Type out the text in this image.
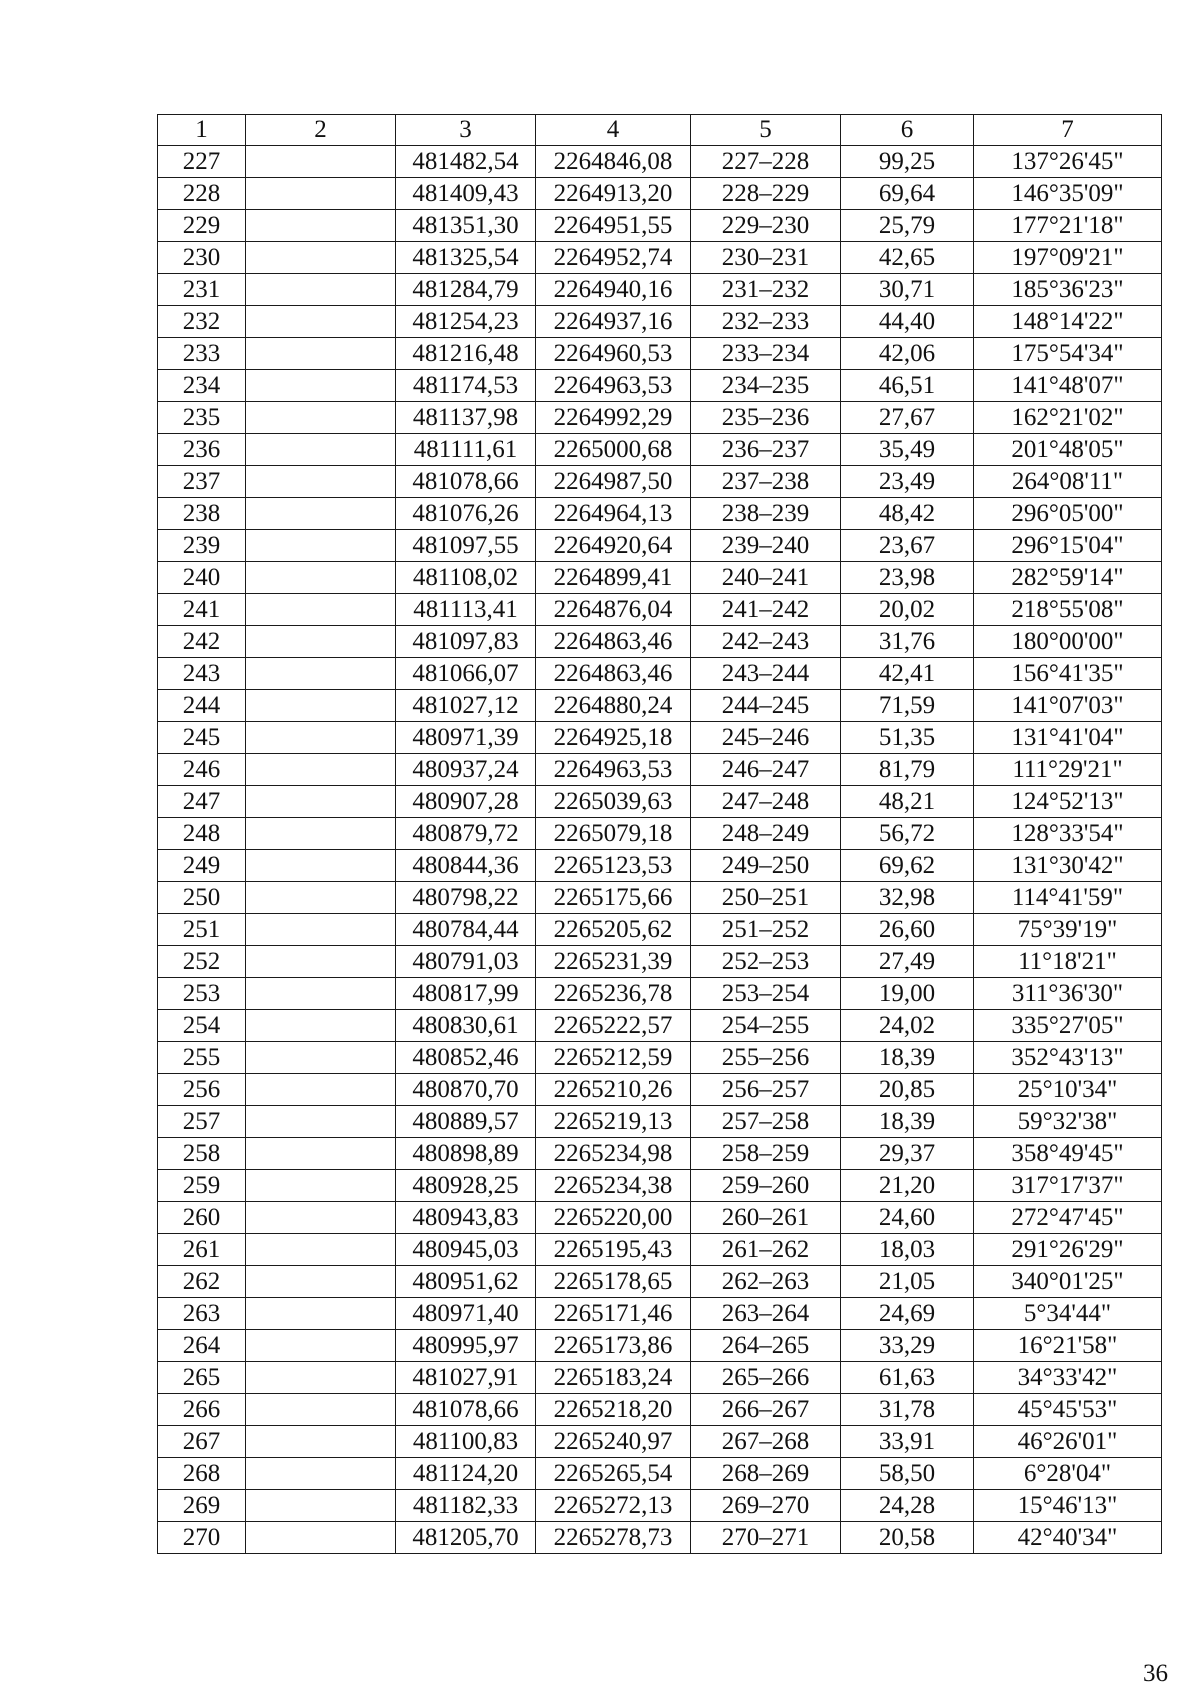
1	2	3	4	5	6	7
227		481482,54	2264846,08	227–228	99,25	137°26'45"
228		481409,43	2264913,20	228–229	69,64	146°35'09"
229		481351,30	2264951,55	229–230	25,79	177°21'18"
230		481325,54	2264952,74	230–231	42,65	197°09'21"
231		481284,79	2264940,16	231–232	30,71	185°36'23"
232		481254,23	2264937,16	232–233	44,40	148°14'22"
233		481216,48	2264960,53	233–234	42,06	175°54'34"
234		481174,53	2264963,53	234–235	46,51	141°48'07"
235		481137,98	2264992,29	235–236	27,67	162°21'02"
236		481111,61	2265000,68	236–237	35,49	201°48'05"
237		481078,66	2264987,50	237–238	23,49	264°08'11"
238		481076,26	2264964,13	238–239	48,42	296°05'00"
239		481097,55	2264920,64	239–240	23,67	296°15'04"
240		481108,02	2264899,41	240–241	23,98	282°59'14"
241		481113,41	2264876,04	241–242	20,02	218°55'08"
242		481097,83	2264863,46	242–243	31,76	180°00'00"
243		481066,07	2264863,46	243–244	42,41	156°41'35"
244		481027,12	2264880,24	244–245	71,59	141°07'03"
245		480971,39	2264925,18	245–246	51,35	131°41'04"
246		480937,24	2264963,53	246–247	81,79	111°29'21"
247		480907,28	2265039,63	247–248	48,21	124°52'13"
248		480879,72	2265079,18	248–249	56,72	128°33'54"
249		480844,36	2265123,53	249–250	69,62	131°30'42"
250		480798,22	2265175,66	250–251	32,98	114°41'59"
251		480784,44	2265205,62	251–252	26,60	75°39'19"
252		480791,03	2265231,39	252–253	27,49	11°18'21"
253		480817,99	2265236,78	253–254	19,00	311°36'30"
254		480830,61	2265222,57	254–255	24,02	335°27'05"
255		480852,46	2265212,59	255–256	18,39	352°43'13"
256		480870,70	2265210,26	256–257	20,85	25°10'34"
257		480889,57	2265219,13	257–258	18,39	59°32'38"
258		480898,89	2265234,98	258–259	29,37	358°49'45"
259		480928,25	2265234,38	259–260	21,20	317°17'37"
260		480943,83	2265220,00	260–261	24,60	272°47'45"
261		480945,03	2265195,43	261–262	18,03	291°26'29"
262		480951,62	2265178,65	262–263	21,05	340°01'25"
263		480971,40	2265171,46	263–264	24,69	5°34'44"
264		480995,97	2265173,86	264–265	33,29	16°21'58"
265		481027,91	2265183,24	265–266	61,63	34°33'42"
266		481078,66	2265218,20	266–267	31,78	45°45'53"
267		481100,83	2265240,97	267–268	33,91	46°26'01"
268		481124,20	2265265,54	268–269	58,50	6°28'04"
269		481182,33	2265272,13	269–270	24,28	15°46'13"
270		481205,70	2265278,73	270–271	20,58	42°40'34"
36
